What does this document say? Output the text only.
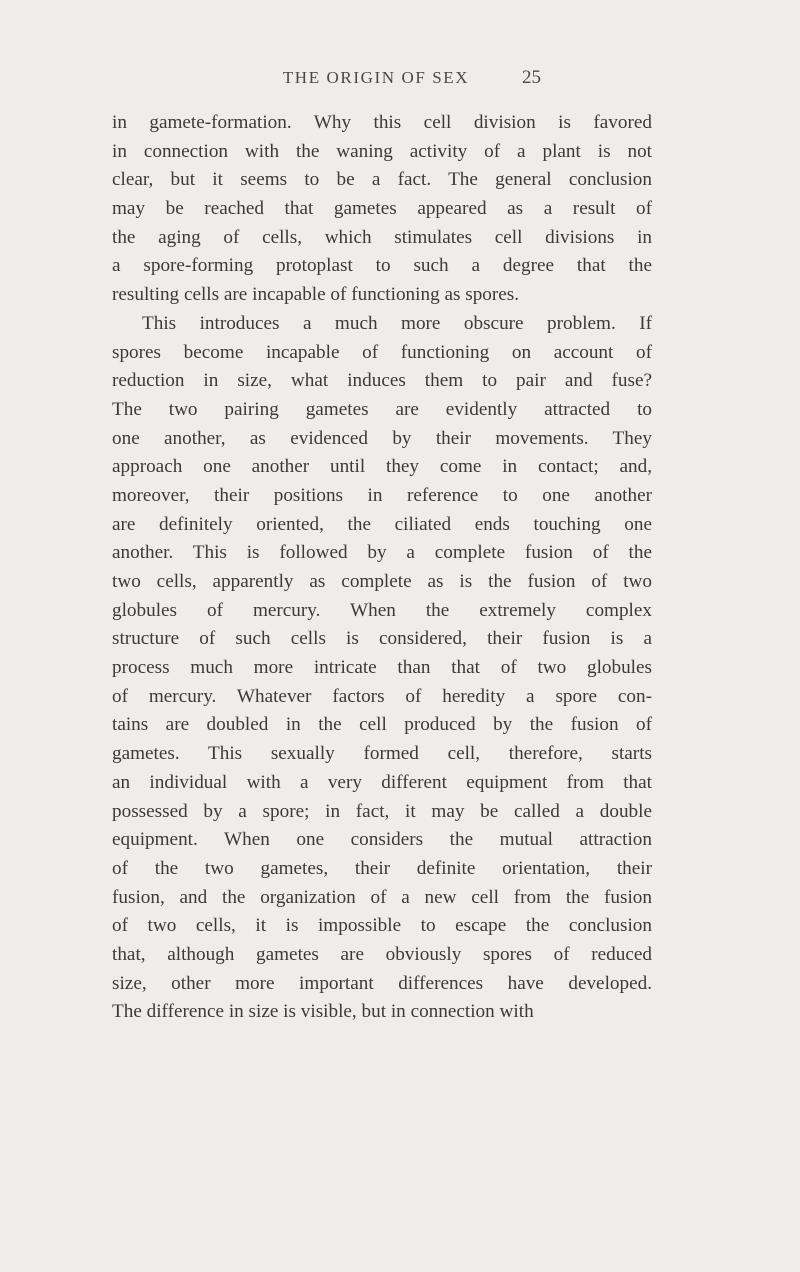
THE ORIGIN OF SEX	25
in gamete-formation. Why this cell division is favored
in connection with the waning activity of a plant is not
clear, but it seems to be a fact. The general conclusion
may be reached that gametes appeared as a result of
the aging of cells, which stimulates cell divisions in
a spore-forming protoplast to such a degree that the
resulting cells are incapable of functioning as spores.
This introduces a much more obscure problem. If
spores become incapable of functioning on account of
reduction in size, what induces them to pair and fuse?
The two pairing gametes are evidently attracted to
one another, as evidenced by their movements. They
approach one another until they come in contact; and,
moreover, their positions in reference to one another
are definitely oriented, the ciliated ends touching one
another. This is followed by a complete fusion of the
two cells, apparently as complete as is the fusion of two
globules of mercury. When the extremely complex
structure of such cells is considered, their fusion is a
process much more intricate than that of two globules
of mercury. Whatever factors of heredity a spore con-
tains are doubled in the cell produced by the fusion of
gametes. This sexually formed cell, therefore, starts
an individual with a very different equipment from that
possessed by a spore; in fact, it may be called a double
equipment. When one considers the mutual attraction
of the two gametes, their definite orientation, their
fusion, and the organization of a new cell from the fusion
of two cells, it is impossible to escape the conclusion
that, although gametes are obviously spores of reduced
size, other more important differences have developed.
The difference in size is visible, but in connection with
